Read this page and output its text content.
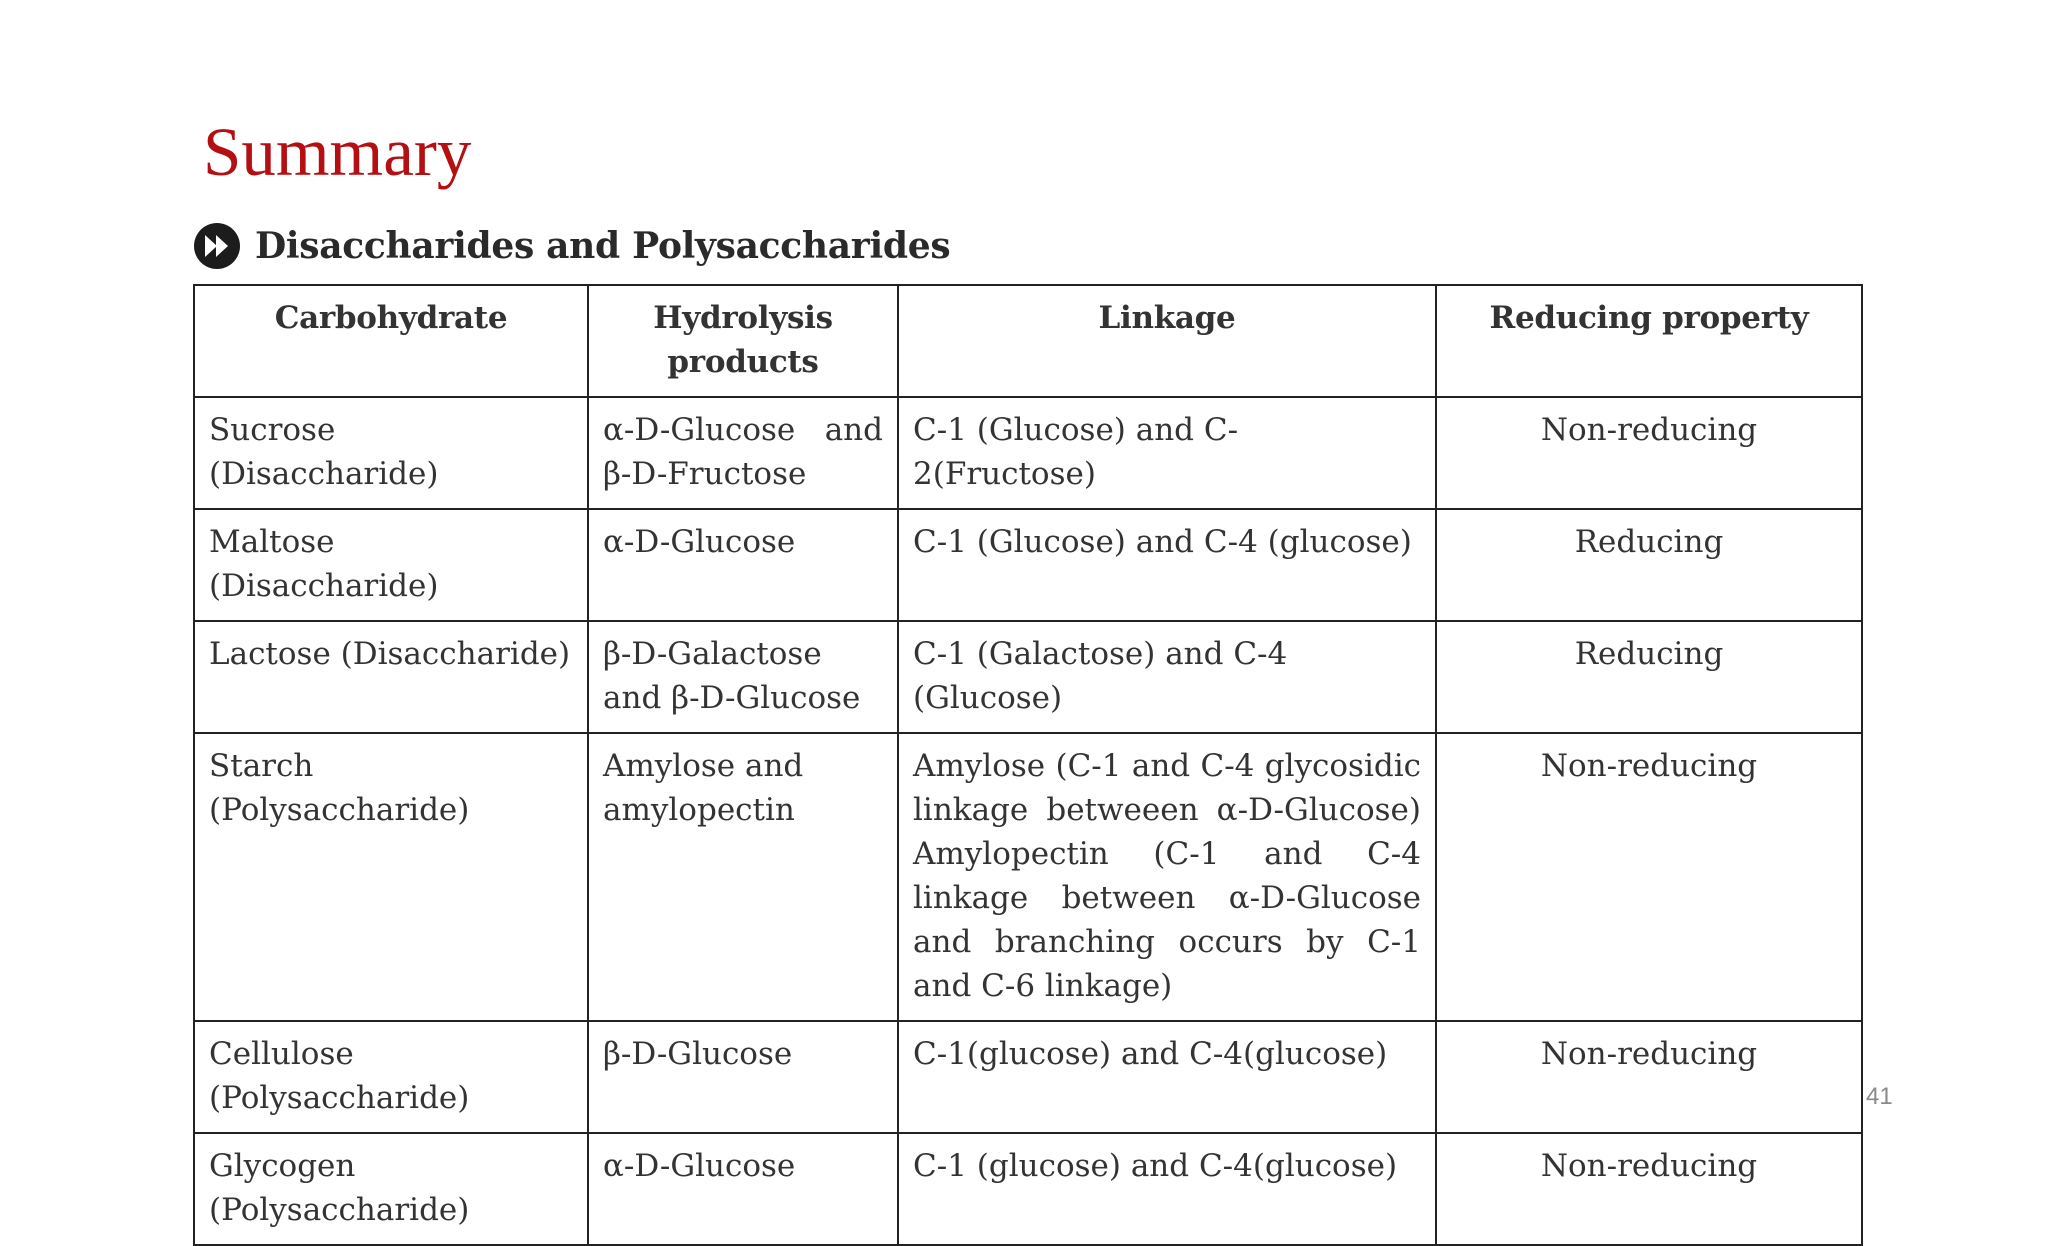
Summary
Disaccharides and Polysaccharides
Carbohydrate	Hydrolysis products	Linkage	Reducing property
Sucrose (Disaccharide)	α-D-Glucose and β-D-Fructose	C-1 (Glucose) and C-2(Fructose)	Non-reducing
Maltose (Disaccharide)	α-D-Glucose	C-1 (Glucose) and C-4 (glucose)	Reducing
Lactose (Disaccharide)	β-D-Galactose and β-D-Glucose	C-1 (Galactose) and C-4 (Glucose)	Reducing
Starch (Polysaccharide)	Amylose and amylopectin	Amylose (C-1 and C-4 glycosidic linkage betweeen α-D-Glucose) Amylopectin (C-1 and C-4 linkage between α-D-Glucose and branching occurs by C-1 and C-6 linkage)	Non-reducing
Cellulose (Polysaccharide)	β-D-Glucose	C-1(glucose) and C-4(glucose)	Non-reducing
Glycogen (Polysaccharide)	α-D-Glucose	C-1 (glucose) and C-4(glucose)	Non-reducing
41
